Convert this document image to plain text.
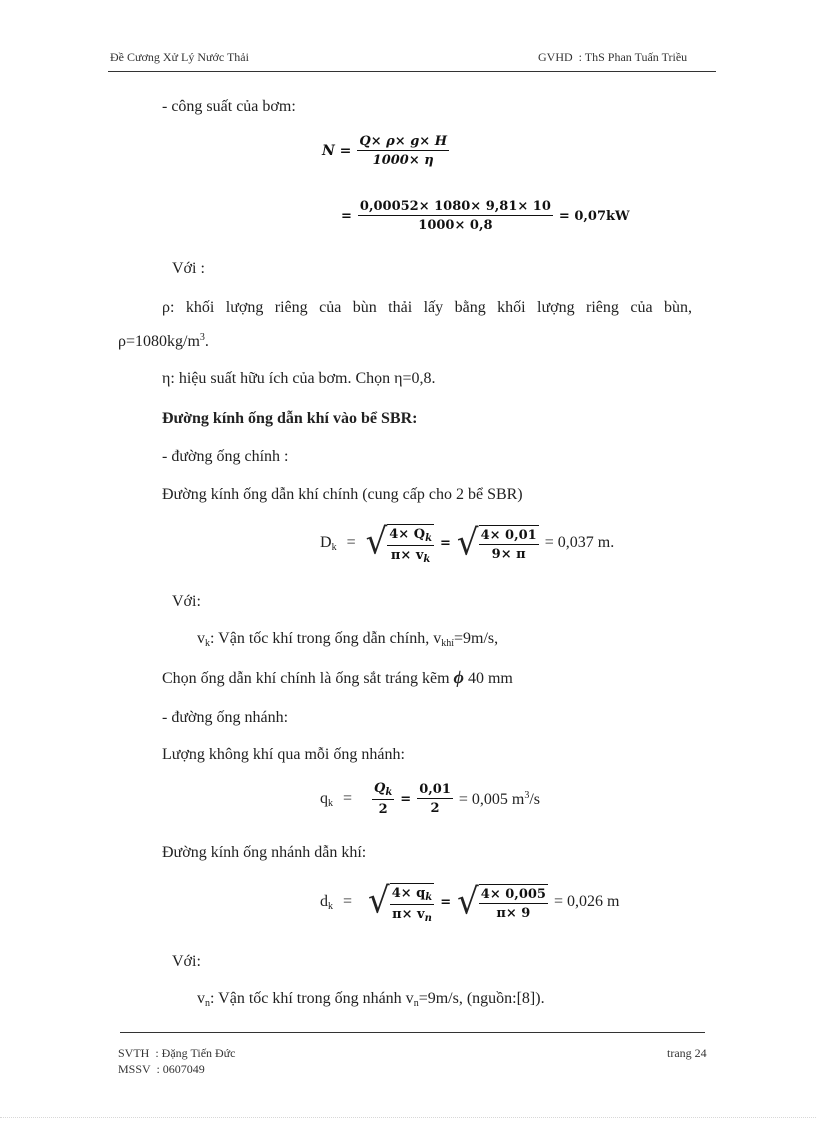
Đề Cương Xử Lý Nước Thải	GVHD  : ThS Phan Tuấn Triều
- công suất của bơm:
$N = \frac{Q\times \rho\times g\times H}{1000\times \eta}$
= $\frac{0,00052\times 1080\times 9,81\times 10}{1000\times 0,8} = 0,07kW$
Với :
ρ: khối lượng riêng của bùn thải lấy bằng khối lượng riêng của bùn,
$\rho=1080kg/m^3$.
η: hiệu suất hữu ích của bơm. Chọn η=0,8.
Đường kính ống dẫn khí vào bể SBR:
- đường ống chính :
Đường kính ống dẫn khí chính (cung cấp cho 2 bể SBR)
$D_k$ = √ $\frac{4\times Q_k}{\pi\times v_k}$ = √ $\frac{4\times 0,01}{9\times \pi} = 0,037$ m.
Với:
$v_k$: Vận tốc khí trong ống dẫn chính, $v_{khí}=9m/s$,
Chọn ống dẫn khí chính là ống sắt tráng kẽm ϕ 40 mm
- đường ống nhánh:
Lượng không khí qua mỗi ống nhánh:
$q_k = \frac{Q_k}{2} = \frac{0,01}{2} = 0,005$ $m^3/s$
Đường kính ống nhánh dẫn khí:
$d_k$ = √ $\frac{4\times q_k}{\pi\times v_n}$ = √ $\frac{4\times 0,005}{\pi\times 9} = 0,026$ m
Với:
$v_n$: Vận tốc khí trong ống nhánh $v_n=9m/s$, (nguồn:[8]).
SVTH  : Đặng Tiến Đức
MSSV  : 0607049
trang 24
